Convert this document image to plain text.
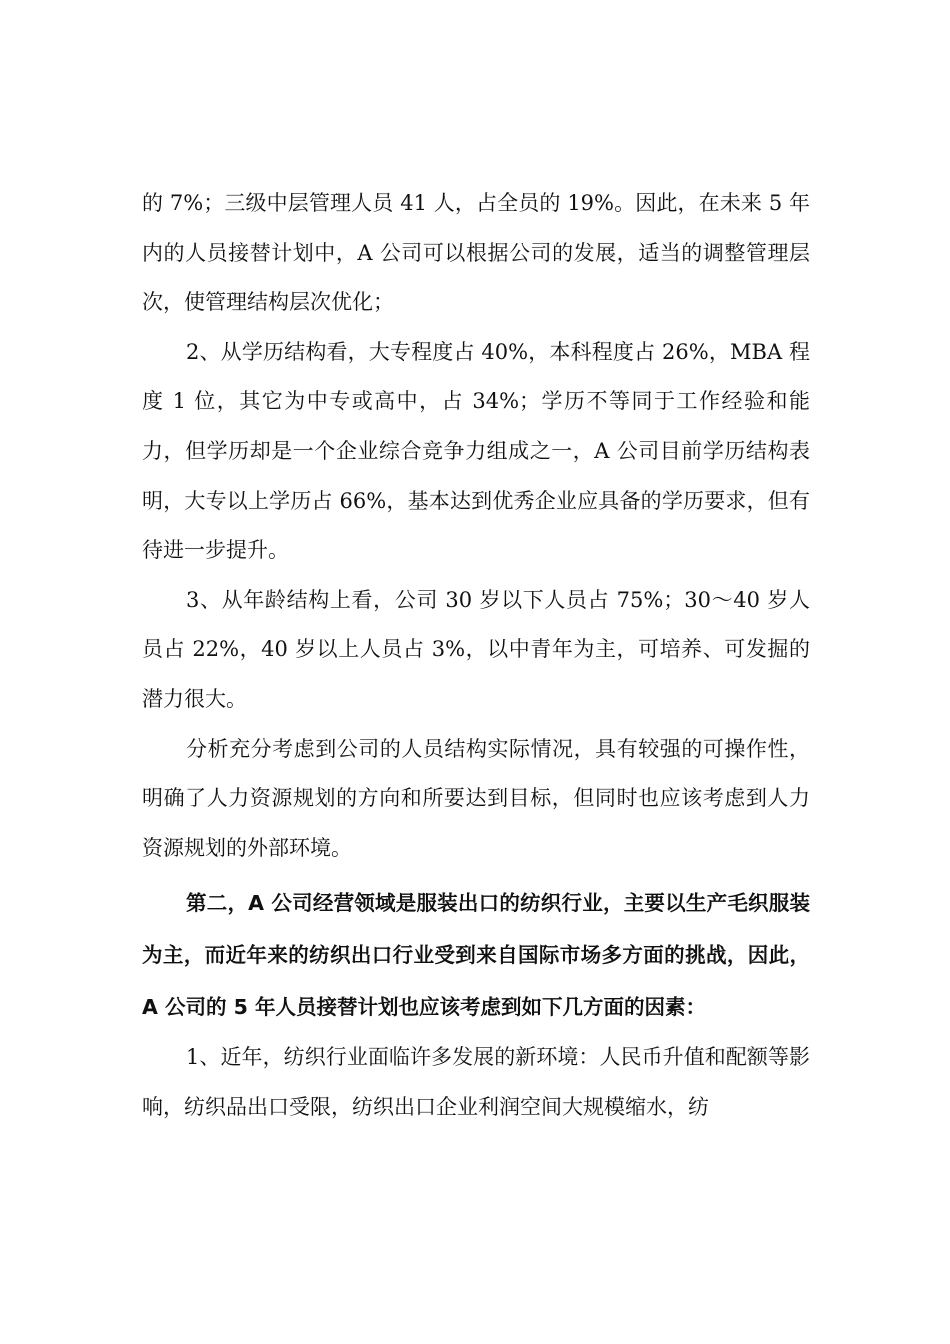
的 7%；三级中层管理人员 41 人，占全员的 19%。因此，在未来 5 年内的人员接替计划中，A 公司可以根据公司的发展，适当的调整管理层次，使管理结构层次优化；

2、从学历结构看，大专程度占 40%，本科程度占 26%，MBA 程度 1 位，其它为中专或高中，占 34%；学历不等同于工作经验和能力，但学历却是一个企业综合竞争力组成之一，A 公司目前学历结构表明，大专以上学历占 66%，基本达到优秀企业应具备的学历要求，但有待进一步提升。

3、从年龄结构上看，公司 30 岁以下人员占 75%；30～40 岁人员占 22%，40 岁以上人员占 3%，以中青年为主，可培养、可发掘的潜力很大。

分析充分考虑到公司的人员结构实际情况，具有较强的可操作性，明确了人力资源规划的方向和所要达到目标，但同时也应该考虑到人力资源规划的外部环境。

第二，A 公司经营领域是服装出口的纺织行业，主要以生产毛织服装为主，而近年来的纺织出口行业受到来自国际市场多方面的挑战，因此，A 公司的 5 年人员接替计划也应该考虑到如下几方面的因素：

1、近年，纺织行业面临许多发展的新环境：人民币升值和配额等影响，纺织品出口受限，纺织出口企业利润空间大规模缩水，纺
